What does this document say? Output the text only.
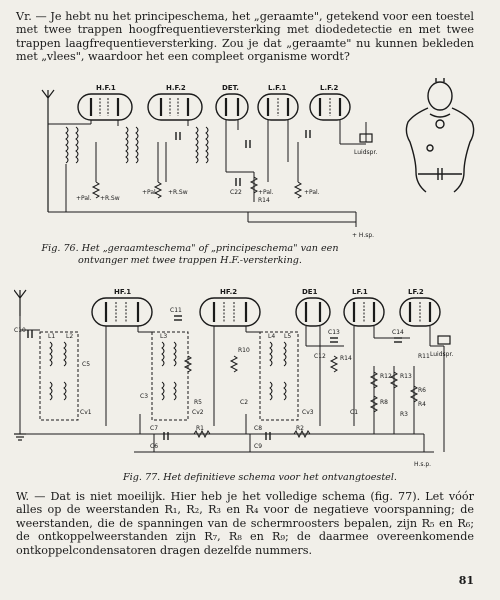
Vr. — Je hebt nu het principeschema, het „geraamte", getekend voor een toestel met twee trappen hoogfrequentieversterking met diodedetectie en met twee trappen laagfrequentieversterking. Zou je dat „geraamte" nu kunnen bekleden met „vlees", waardoor het een compleet organisme wordt?

H.F.1	H.F.2	DET.	L.F.1	L.F.2
Luidspr.
+Pal. +R.Sw
+Pal. +R.Sw	+Pal.	+Pal.
C22
R14
+ H.sp.

Fig. 76. Het „geraamteschema" of „principeschema" van een ontvanger met twee trappen H.F.-versterking.

HF.1	HF.2	DE1	LF.1	LF.2
C10
L1 L2
C5
C3
C11
L3
R10
L4 L5
C14
C12
C13
R14
R12 R13
R11
R8
R6
R4
R3
R2
R1
C7	C8
C9
C6
Cv1	Cv2	Cv3	C1
C2
R5
Luidspr.
H.s.p.

Fig. 77. Het definitieve schema voor het ontvangtoestel.

W. — Dat is niet moeilijk. Hier heb je het volledige schema (fig. 77). Let vóór alles op de weerstanden R₁, R₂, R₃ en R₄ voor de negatieve voorspanning; de weerstanden, die de spanningen van de schermroosters bepalen, zijn R₅ en R₆; de ontkoppelweerstanden zijn R₇, R₈ en R₉; de daarmee overeenkomende ontkoppelcondensatoren dragen dezelfde nummers.

81
